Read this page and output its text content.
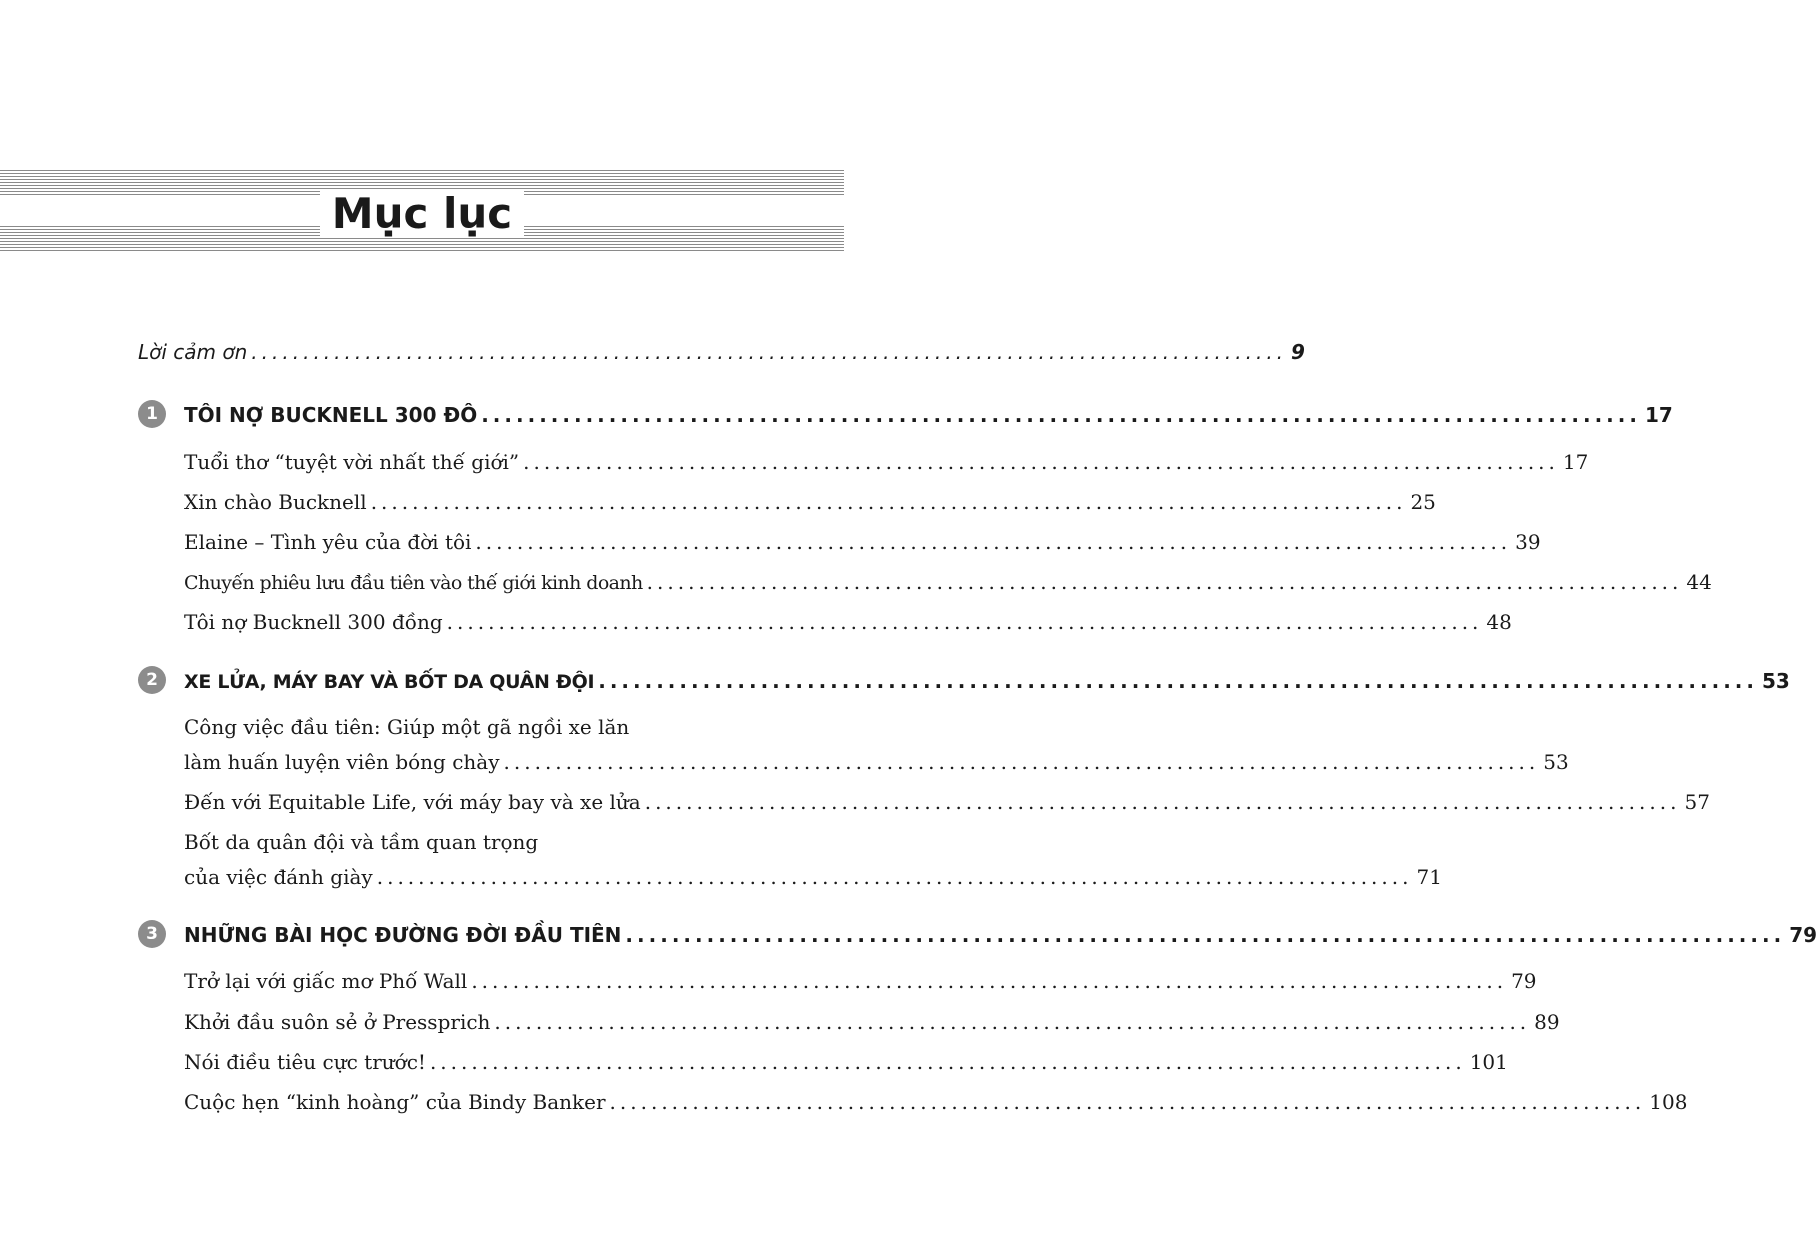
Mục lục
Lời cảm ơn .................................................................................................... 9
1	TÔI NỢ BUCKNELL 300 ĐÔ .................................................................................................... 17
Tuổi thơ “tuyệt vời nhất thế giới” .................................................................................................... 17
Xin chào Bucknell .................................................................................................... 25
Elaine – Tình yêu của đời tôi .................................................................................................... 39
Chuyến phiêu lưu đầu tiên vào thế giới kinh doanh .................................................................................................... 44
Tôi nợ Bucknell 300 đồng .................................................................................................... 48
2	XE LỬA, MÁY BAY VÀ BỐT DA QUÂN ĐỘI .................................................................................................... 53
Công việc đầu tiên: Giúp một gã ngồi xe lăn
làm huấn luyện viên bóng chày .................................................................................................... 53
Đến với Equitable Life, với máy bay và xe lửa .................................................................................................... 57
Bốt da quân đội và tầm quan trọng
của việc đánh giày .................................................................................................... 71
3	NHỮNG BÀI HỌC ĐƯỜNG ĐỜI ĐẦU TIÊN .................................................................................................... 79
Trở lại với giấc mơ Phố Wall .................................................................................................... 79
Khởi đầu suôn sẻ ở Pressprich .................................................................................................... 89
Nói điều tiêu cực trước! .................................................................................................... 101
Cuộc hẹn “kinh hoàng” của Bindy Banker .................................................................................................... 108
